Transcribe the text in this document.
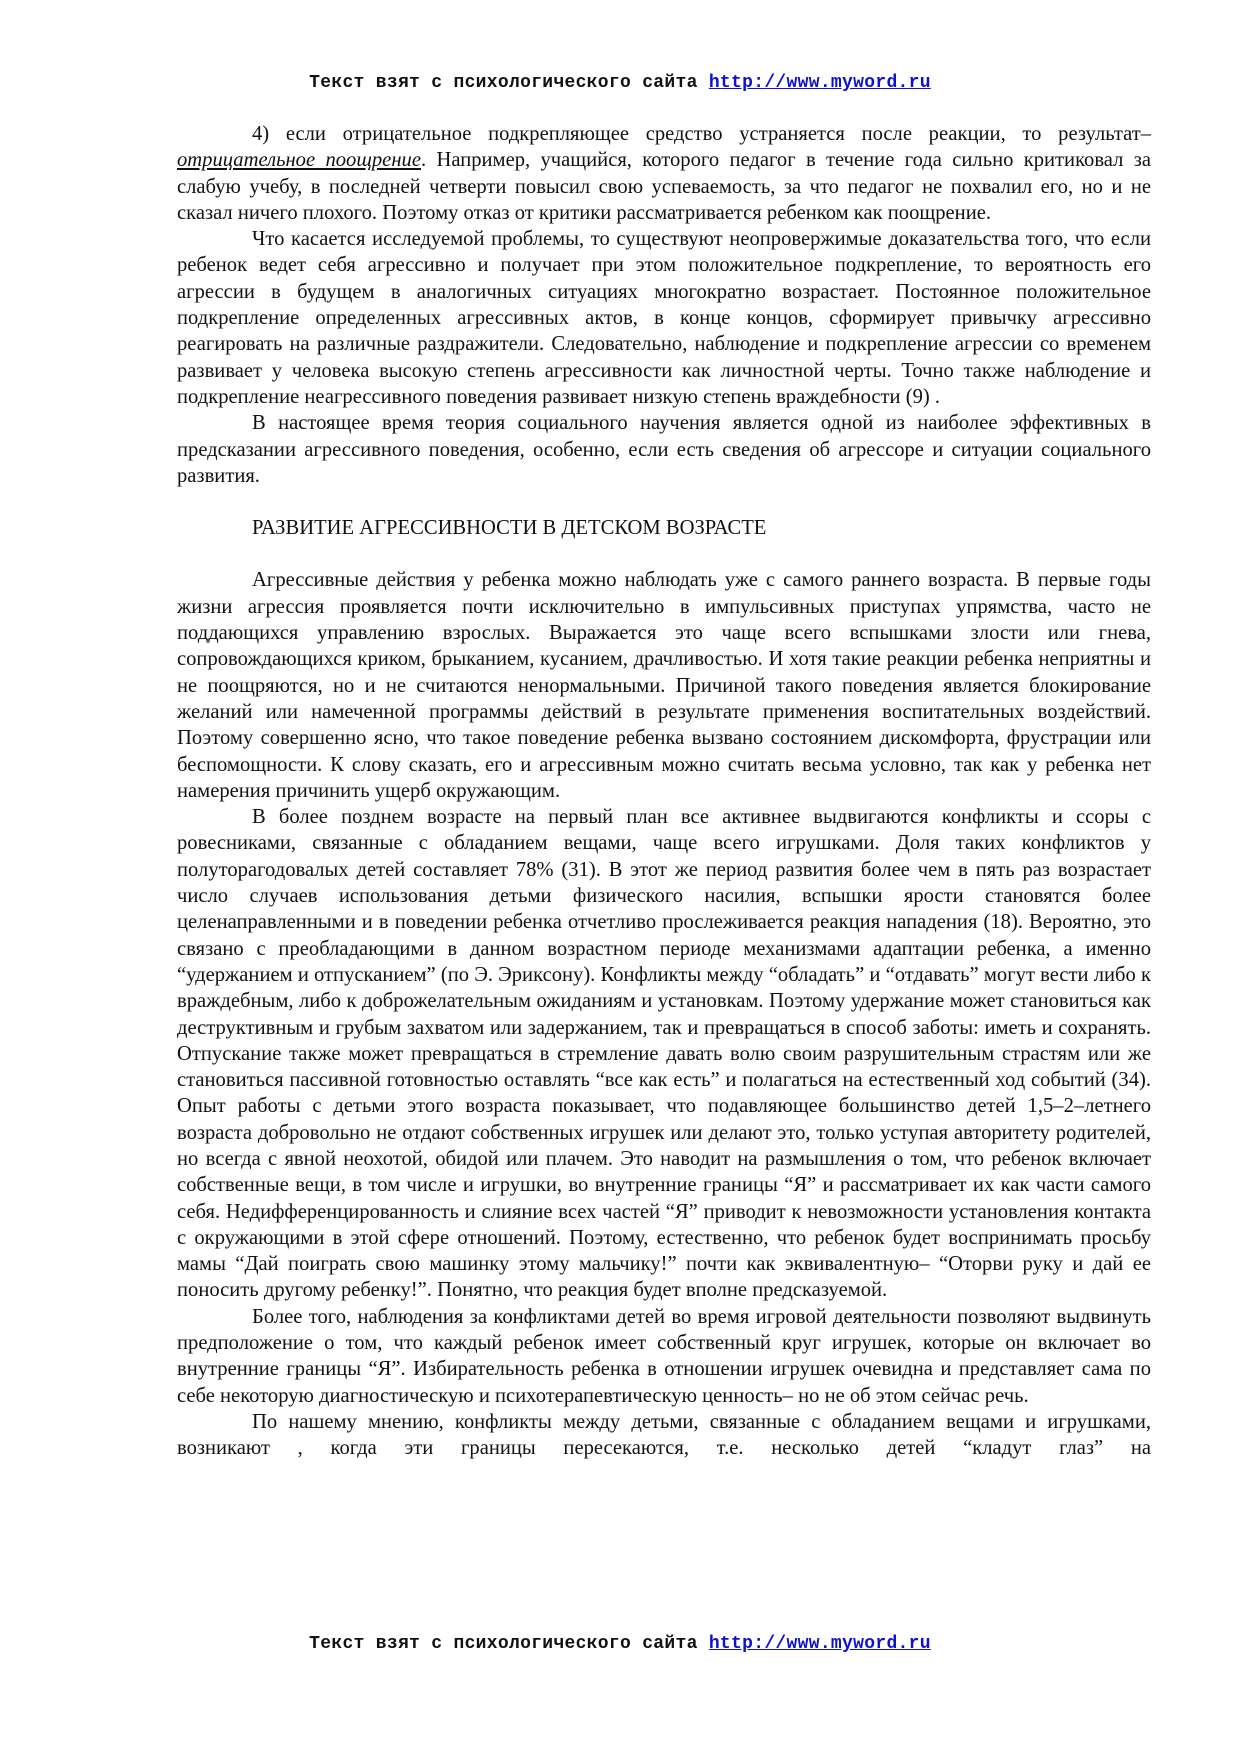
Текст взят с психологического сайта http://www.myword.ru

4) если отрицательное подкрепляющее средство устраняется после реакции, то результат– отрицательное поощрение. Например, учащийся, которого педагог в течение года сильно критиковал за слабую учебу, в последней четверти повысил свою успеваемость, за что педагог не похвалил его, но и не сказал ничего плохого. Поэтому отказ от критики рассматривается ребенком как поощрение.

Что касается исследуемой проблемы, то существуют неопровержимые доказательства того, что если ребенок ведет себя агрессивно и получает при этом положительное подкрепление, то вероятность его агрессии в будущем в аналогичных ситуациях многократно возрастает. Постоянное положительное подкрепление определенных агрессивных актов, в конце концов, сформирует привычку агрессивно реагировать на различные раздражители. Следовательно, наблюдение и подкрепление агрессии со временем развивает у человека высокую степень агрессивности как личностной черты. Точно также наблюдение и подкрепление неагрессивного поведения развивает низкую степень враждебности (9) .

В настоящее время теория социального научения является одной из наиболее эффективных в предсказании агрессивного поведения, особенно, если есть сведения об агрессоре и ситуации социального развития.

РАЗВИТИЕ АГРЕССИВНОСТИ В ДЕТСКОМ ВОЗРАСТЕ

Агрессивные действия у ребенка можно наблюдать уже с самого раннего возраста. В первые годы жизни агрессия проявляется почти исключительно в импульсивных приступах упрямства, часто не поддающихся управлению взрослых. Выражается это чаще всего вспышками злости или гнева, сопровождающихся криком, брыканием, кусанием, драчливостью. И хотя такие реакции ребенка неприятны и не поощряются, но и не считаются ненормальными. Причиной такого поведения является блокирование желаний или намеченной программы действий в результате применения воспитательных воздействий. Поэтому совершенно ясно, что такое поведение ребенка вызвано состоянием дискомфорта, фрустрации или беспомощности. К слову сказать, его и агрессивным можно считать весьма условно, так как у ребенка нет намерения причинить ущерб окружающим.

В более позднем возрасте на первый план все активнее выдвигаются конфликты и ссоры с ровесниками, связанные с обладанием вещами, чаще всего игрушками. Доля таких конфликтов у полуторагодовалых детей составляет 78% (31). В этот же период развития более чем в пять раз возрастает число случаев использования детьми физического насилия, вспышки ярости становятся более целенаправленными и в поведении ребенка отчетливо прослеживается реакция нападения (18). Вероятно, это связано с преобладающими в данном возрастном периоде механизмами адаптации ребенка, а именно “удержанием и отпусканием” (по Э. Эриксону). Конфликты между “обладать” и “отдавать” могут вести либо к враждебным, либо к доброжелательным ожиданиям и установкам. Поэтому удержание может становиться как деструктивным и грубым захватом или задержанием, так и превращаться в способ заботы: иметь и сохранять. Отпускание также может превращаться в стремление давать волю своим разрушительным страстям или же становиться пассивной готовностью оставлять “все как есть” и полагаться на естественный ход событий (34). Опыт работы с детьми этого возраста показывает, что подавляющее большинство детей 1,5–2–летнего возраста добровольно не отдают собственных игрушек или делают это, только уступая авторитету родителей, но всегда с явной неохотой, обидой или плачем. Это наводит на размышления о том, что ребенок включает собственные вещи, в том числе и игрушки, во внутренние границы “Я” и рассматривает их как части самого себя. Недифференцированность и слияние всех частей “Я” приводит к невозможности установления контакта с окружающими в этой сфере отношений. Поэтому, естественно, что ребенок будет воспринимать просьбу мамы “Дай поиграть свою машинку этому мальчику!” почти как эквивалентную– “Оторви руку и дай ее поносить другому ребенку!”. Понятно, что реакция будет вполне предсказуемой.

Более того, наблюдения за конфликтами детей во время игровой деятельности позволяют выдвинуть предположение о том, что каждый ребенок имеет собственный круг игрушек, которые он включает во внутренние границы “Я”. Избирательность ребенка в отношении игрушек очевидна и представляет сама по себе некоторую диагностическую и психотерапевтическую ценность– но не об этом сейчас речь.

По нашему мнению, конфликты между детьми, связанные с обладанием вещами и игрушками, возникают , когда эти границы пересекаются, т.е. несколько детей “кладут глаз” на

Текст взят с психологического сайта http://www.myword.ru
